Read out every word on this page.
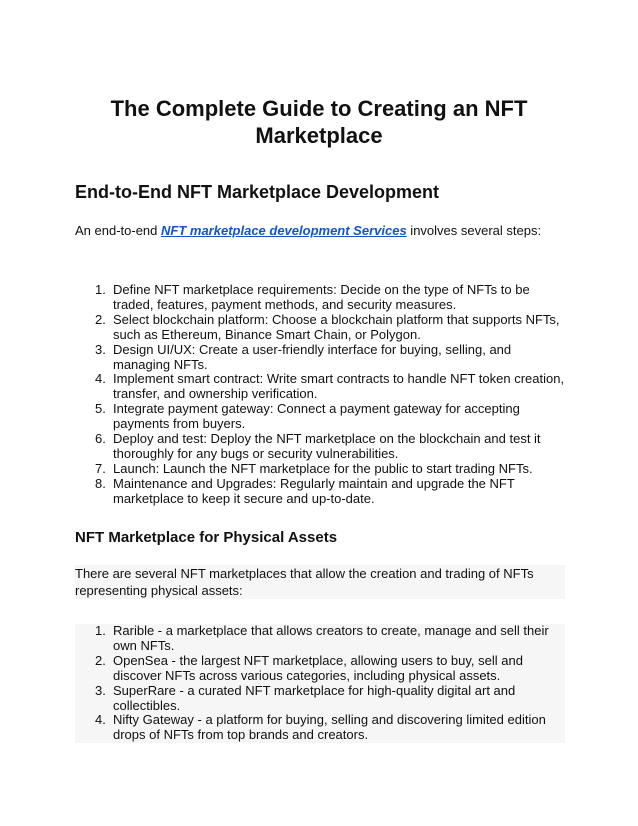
The Complete Guide to Creating an NFT Marketplace
End-to-End NFT Marketplace Development

An end-to-end NFT marketplace development Services involves several steps:

1. Define NFT marketplace requirements: Decide on the type of NFTs to be traded, features, payment methods, and security measures.
2. Select blockchain platform: Choose a blockchain platform that supports NFTs, such as Ethereum, Binance Smart Chain, or Polygon.
3. Design UI/UX: Create a user-friendly interface for buying, selling, and managing NFTs.
4. Implement smart contract: Write smart contracts to handle NFT token creation, transfer, and ownership verification.
5. Integrate payment gateway: Connect a payment gateway for accepting payments from buyers.
6. Deploy and test: Deploy the NFT marketplace on the blockchain and test it thoroughly for any bugs or security vulnerabilities.
7. Launch: Launch the NFT marketplace for the public to start trading NFTs.
8. Maintenance and Upgrades: Regularly maintain and upgrade the NFT marketplace to keep it secure and up-to-date.
NFT Marketplace for Physical Assets

There are several NFT marketplaces that allow the creation and trading of NFTs representing physical assets:

1. Rarible - a marketplace that allows creators to create, manage and sell their own NFTs.
2. OpenSea - the largest NFT marketplace, allowing users to buy, sell and discover NFTs across various categories, including physical assets.
3. SuperRare - a curated NFT marketplace for high-quality digital art and collectibles.
4. Nifty Gateway - a platform for buying, selling and discovering limited edition drops of NFTs from top brands and creators.
